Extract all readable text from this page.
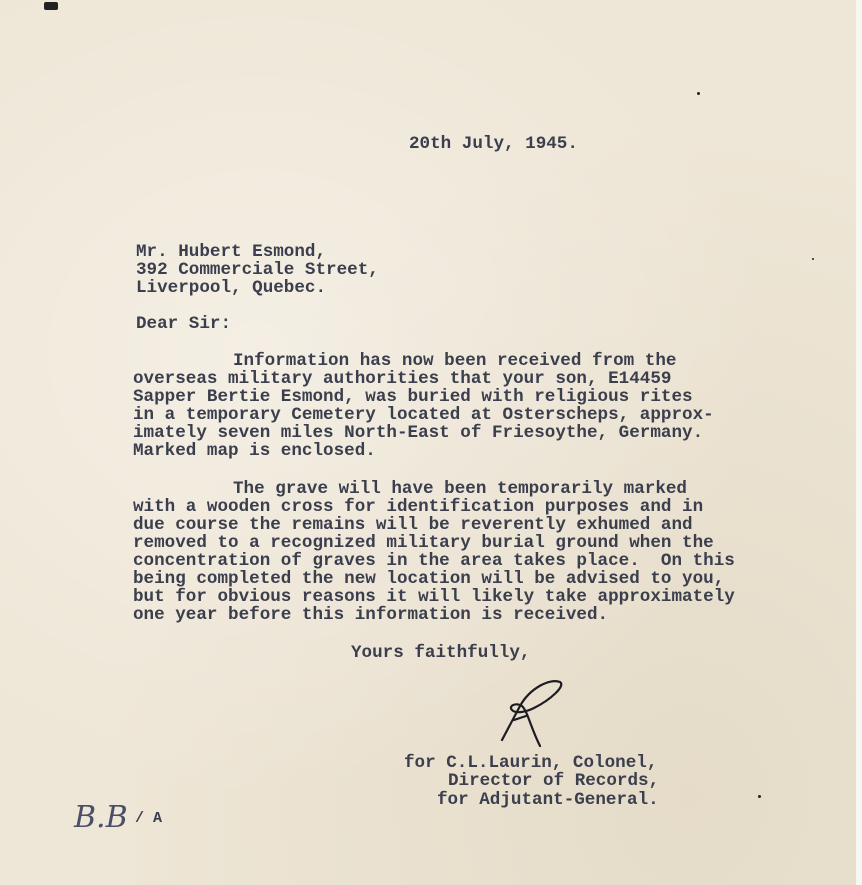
20th July, 1945.
Mr. Hubert Esmond,
392 Commerciale Street,
Liverpool, Quebec.
Dear Sir:
Information has now been received from the
overseas military authorities that your son, E14459
Sapper Bertie Esmond, was buried with religious rites
in a temporary Cemetery located at Osterscheps, approx-
imately seven miles North-East of Friesoythe, Germany.
Marked map is enclosed.
The grave will have been temporarily marked
with a wooden cross for identification purposes and in
due course the remains will be reverently exhumed and
removed to a recognized military burial ground when the
concentration of graves in the area takes place.  On this
being completed the new location will be advised to you,
but for obvious reasons it will likely take approximately
one year before this information is received.
Yours faithfully,
for C.L.Laurin, Colonel,
Director of Records,
for Adjutant-General.
B.B / A
